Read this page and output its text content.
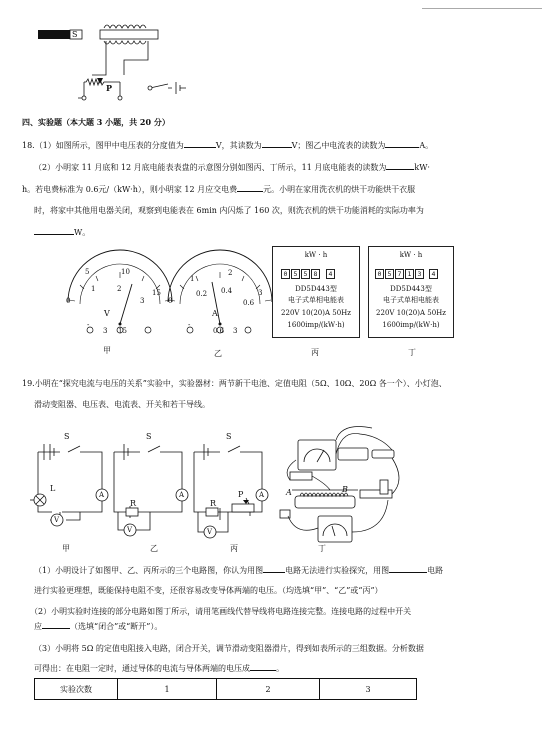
S
P
四、实验题（本大题 3 小题，共 20 分）
18.（1）如图所示，图甲中电压表的分度值为	V，其读数为	V；图乙中电流表的读数为	A。
（2）小明家 11 月底和 12 月底电能表表盘的示意图分别如图丙、丁所示，11 月底电能表的读数为	kW·
h。若电费标准为 0.6元/（kW·h），则小明家 12 月应交电费	元。小明在家用洗衣机的烘干功能烘干衣服
时，将家中其他用电器关闭，观察到电能表在 6min 内闪烁了 160 次，则洗衣机的烘干功能消耗的实际功率为
W。
5	10
15
0
1	2
3
V
-
3 15
甲
0
1
2
3
0.2 0.4
0.6
A
-
0.6 3
乙
kW · h
0 5 5 8	4
DD5D443型
电子式单相电能表
220V 10(20)A 50Hz
1600imp/(kW·h)
丙
kW · h
0 5 7 1 3	4
DD5D443型
电子式单相电能表
220V 10(20)A 50Hz
1600imp/(kW·h)
丁
19.小明在“探究电流与电压的关系”实验中，实验器材：两节新干电池、定值电阻（5Ω、10Ω、20Ω 各一个）、小灯泡、
滑动变阻器、电压表、电流表、开关和若干导线。
S
L
A
V
甲
S
R
A
V
乙
S
R
P A
V
丙
A	B
丁
（1）小明设计了如图甲、乙、丙所示的三个电路图，你认为用图	电路无法进行实验探究，用图	电路
进行实验更理想，既能保持电阻不变，还很容易改变导体两端的电压。（均选填“甲”、“乙”或“丙”）
（2）小明实验时连接的部分电路如图丁所示，请用笔画线代替导线将电路连接完整。连接电路的过程中开关
应	（选填“闭合”或“断开”）。
（3）小明将 5Ω 的定值电阻接入电路，闭合开关，调节滑动变阻器滑片，得到如表所示的三组数据。分析数据
可得出：在电阻一定时，通过导体的电流与导体两端的电压成	。
实验次数	1	2	3
